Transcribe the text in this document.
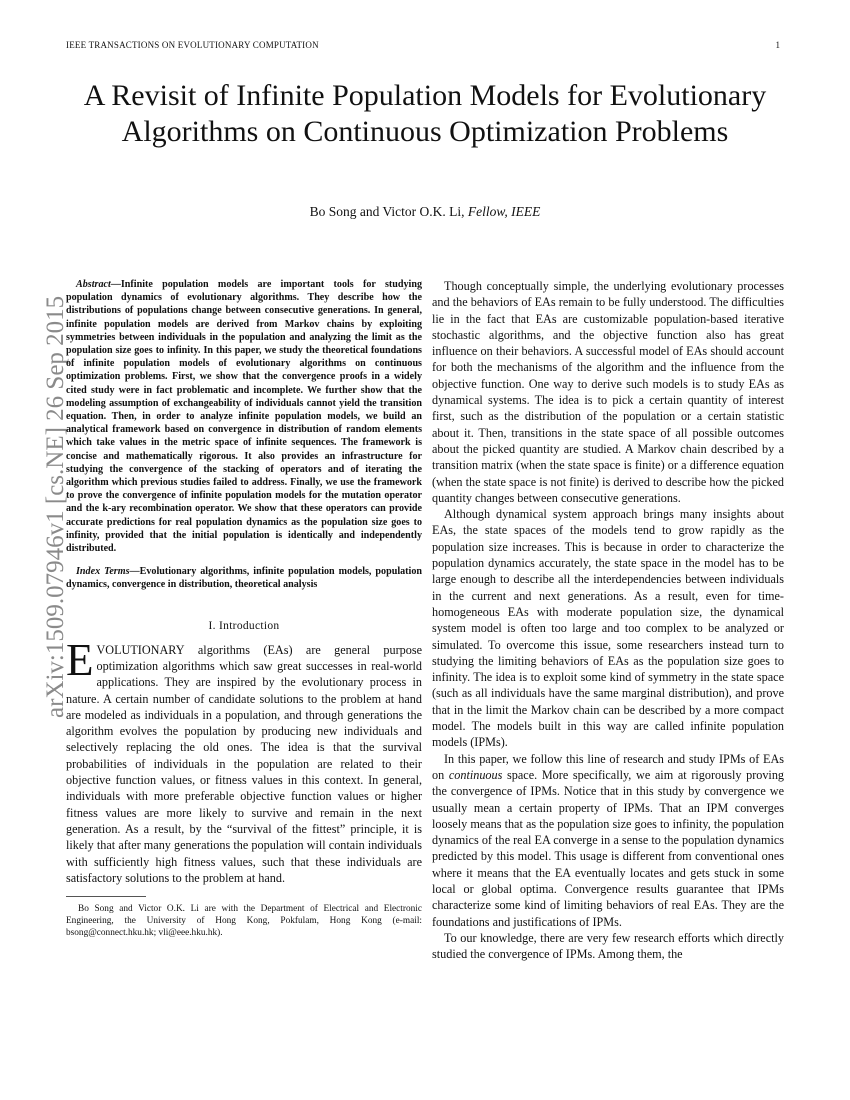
IEEE TRANSACTIONS ON EVOLUTIONARY COMPUTATION	1
arXiv:1509.07946v1 [cs.NE] 26 Sep 2015
A Revisit of Infinite Population Models for Evolutionary Algorithms on Continuous Optimization Problems
Bo Song and Victor O.K. Li, Fellow, IEEE

Abstract—Infinite population models are important tools for studying population dynamics of evolutionary algorithms. They describe how the distributions of populations change between consecutive generations. In general, infinite population models are derived from Markov chains by exploiting symmetries between individuals in the population and analyzing the limit as the population size goes to infinity. In this paper, we study the theoretical foundations of infinite population models of evolutionary algorithms on continuous optimization problems. First, we show that the convergence proofs in a widely cited study were in fact problematic and incomplete. We further show that the modeling assumption of exchangeability of individuals cannot yield the transition equation. Then, in order to analyze infinite population models, we build an analytical framework based on convergence in distribution of random elements which take values in the metric space of infinite sequences. The framework is concise and mathematically rigorous. It also provides an infrastructure for studying the convergence of the stacking of operators and of iterating the algorithm which previous studies failed to address. Finally, we use the framework to prove the convergence of infinite population models for the mutation operator and the k-ary recombination operator. We show that these operators can provide accurate predictions for real population dynamics as the population size goes to infinity, provided that the initial population is identically and independently distributed.

Index Terms—Evolutionary algorithms, infinite population models, population dynamics, convergence in distribution, theoretical analysis

I. Introduction

EVOLUTIONARY algorithms (EAs) are general purpose optimization algorithms which saw great successes in real-world applications. They are inspired by the evolutionary process in nature. A certain number of candidate solutions to the problem at hand are modeled as individuals in a population, and through generations the algorithm evolves the population by producing new individuals and selectively replacing the old ones. The idea is that the survival probabilities of individuals in the population are related to their objective function values, or fitness values in this context. In general, individuals with more preferable objective function values or higher fitness values are more likely to survive and remain in the next generation. As a result, by the “survival of the fittest” principle, it is likely that after many generations the population will contain individuals with sufficiently high fitness values, such that these individuals are satisfactory solutions to the problem at hand.

Bo Song and Victor O.K. Li are with the Department of Electrical and Electronic Engineering, the University of Hong Kong, Pokfulam, Hong Kong (e-mail: bsong@connect.hku.hk; vli@eee.hku.hk).

Though conceptually simple, the underlying evolutionary processes and the behaviors of EAs remain to be fully understood. The difficulties lie in the fact that EAs are customizable population-based iterative stochastic algorithms, and the objective function also has great influence on their behaviors. A successful model of EAs should account for both the mechanisms of the algorithm and the influence from the objective function. One way to derive such models is to study EAs as dynamical systems. The idea is to pick a certain quantity of interest first, such as the distribution of the population or a certain statistic about it. Then, transitions in the state space of all possible outcomes about the picked quantity are studied. A Markov chain described by a transition matrix (when the state space is finite) or a difference equation (when the state space is not finite) is derived to describe how the picked quantity changes between consecutive generations.

Although dynamical system approach brings many insights about EAs, the state spaces of the models tend to grow rapidly as the population size increases. This is because in order to characterize the population dynamics accurately, the state space in the model has to be large enough to describe all the interdependencies between individuals in the current and next generations. As a result, even for time-homogeneous EAs with moderate population size, the dynamical system model is often too large and too complex to be analyzed or simulated. To overcome this issue, some researchers instead turn to studying the limiting behaviors of EAs as the population size goes to infinity. The idea is to exploit some kind of symmetry in the state space (such as all individuals have the same marginal distribution), and prove that in the limit the Markov chain can be described by a more compact model. The models built in this way are called infinite population models (IPMs).

In this paper, we follow this line of research and study IPMs of EAs on continuous space. More specifically, we aim at rigorously proving the convergence of IPMs. Notice that in this study by convergence we usually mean a certain property of IPMs. That an IPM converges loosely means that as the population size goes to infinity, the population dynamics of the real EA converge in a sense to the population dynamics predicted by this model. This usage is different from conventional ones where it means that the EA eventually locates and gets stuck in some local or global optima. Convergence results guarantee that IPMs characterize some kind of limiting behaviors of real EAs. They are the foundations and justifications of IPMs.

To our knowledge, there are very few research efforts which directly studied the convergence of IPMs. Among them, the
